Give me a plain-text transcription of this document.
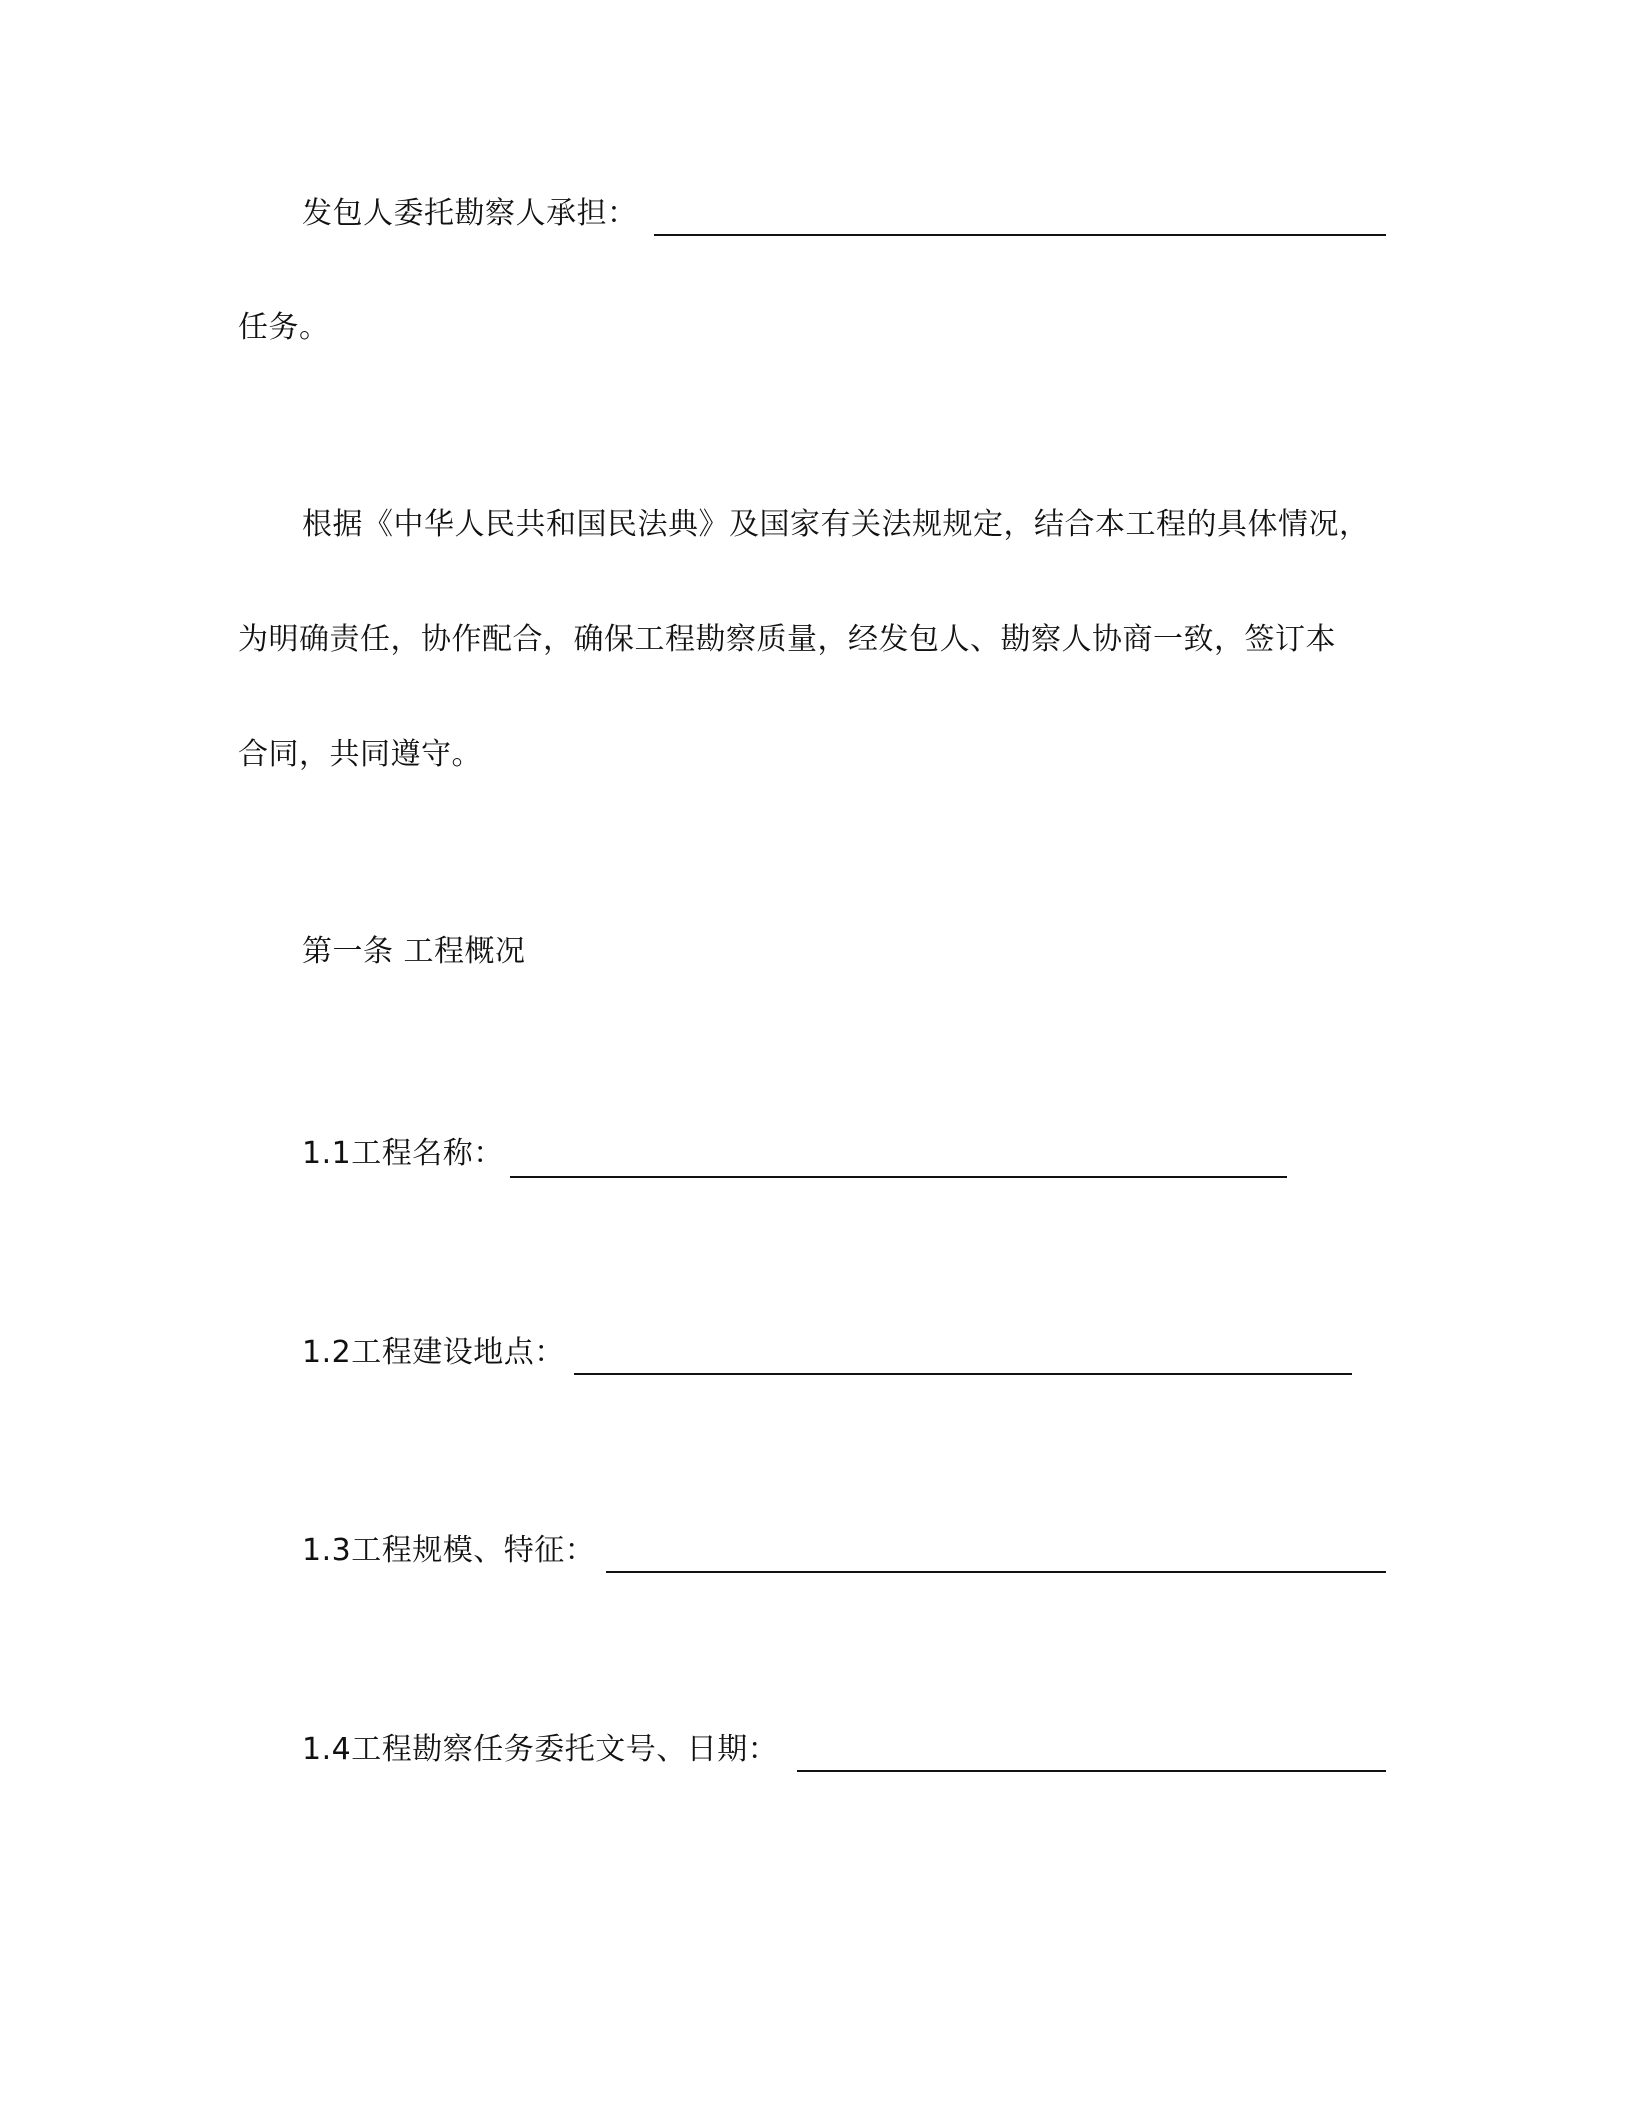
发包人委托勘察人承担：
任务。
根据《中华人民共和国民法典》及国家有关法规规定，结合本工程的具体情况，
为明确责任，协作配合，确保工程勘察质量，经发包人、勘察人协商一致，签订本
合同，共同遵守。
第一条 工程概况
1.1工程名称：
1.2工程建设地点：
1.3工程规模、特征：
1.4工程勘察任务委托文号、日期：
